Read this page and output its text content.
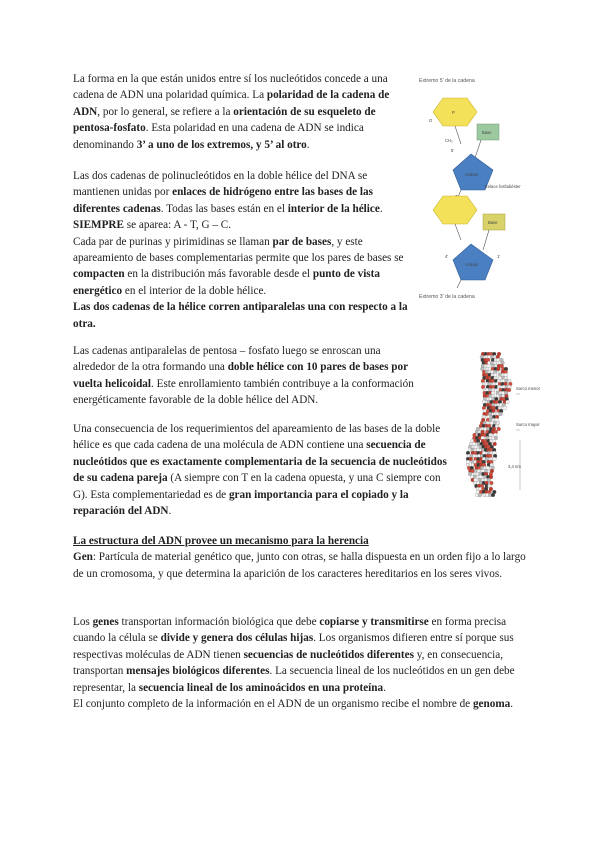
La forma en la que están unidos entre sí los nucleótidos concede a una cadena de ADN una polaridad química. La polaridad de la cadena de ADN, por lo general, se refiere a la orientación de su esqueleto de pentosa-fosfato. Esta polaridad en una cadena de ADN se indica denominando 3’ a uno de los extremos, y 5’ al otro.

Las dos cadenas de polinucleótidos en la doble hélice del DNA se mantienen unidas por enlaces de hidrógeno entre las bases de las diferentes cadenas. Todas las bases están en el interior de la hélice. SIEMPRE se aparea: A - T, G – C.
Cada par de purinas y pirimidinas se llaman par de bases, y este apareamiento de bases complementarias permite que los pares de bases se compacten en la distribución más favorable desde el punto de vista energético en el interior de la doble hélice.
Las dos cadenas de la hélice corren antiparalelas una con respecto a la otra.

Las cadenas antiparalelas de pentosa – fosfato luego se enroscan una alrededor de la otra formando una doble hélice con 10 pares de bases por vuelta helicoidal. Este enrollamiento también contribuye a la conformación energéticamente favorable de la doble hélice del ADN.

Una consecuencia de los requerimientos del apareamiento de las bases de la doble hélice es que cada cadena de una molécula de ADN contiene una secuencia de nucleótidos que es exactamente complementaria de la secuencia de nucleótidos de su cadena pareja (A siempre con T en la cadena opuesta, y una C siempre con G). Esta complementariedad es de gran importancia para el copiado y la reparación del ADN.

La estructura del ADN provee un mecanismo para la herencia
Gen: Partícula de material genético que, junto con otras, se halla dispuesta en un orden fijo a lo largo de un cromosoma, y que determina la aparición de los caracteres hereditarios en los seres vivos.

Los genes transportan información biológica que debe copiarse y transmitirse en forma precisa cuando la célula se divide y genera dos células hijas. Los organismos difieren entre sí porque sus respectivas moléculas de ADN tienen secuencias de nucleótidos diferentes y, en consecuencia, transportan mensajes biológicos diferentes. La secuencia lineal de los nucleótidos en un gen debe representar, la secuencia lineal de los aminoácidos en una proteína.
El conjunto completo de la información en el ADN de un organismo recibe el nombre de genoma.

Extremo 5' de la cadena
P
O
CH₂
5'
Base
Azúcar
Enlace fosfodiéster
Base
Azúcar
4'	1'
Extremo 3' de la cadena
Surco menor
Surco mayor
3,4 nm
